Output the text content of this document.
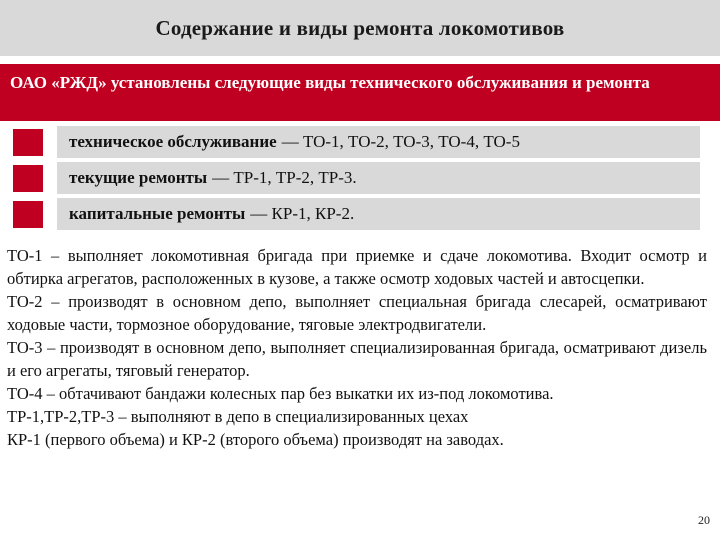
Содержание и виды ремонта локомотивов
ОАО «РЖД» установлены следующие виды технического обслуживания и ремонта
техническое обслуживание — ТО-1, ТО-2, ТО-3, ТО-4, ТО-5
текущие ремонты — ТР-1, ТР-2, ТР-3.
капитальные ремонты — КР-1, КР-2.

ТО-1 – выполняет локомотивная бригада при приемке и сдаче локомотива. Входит осмотр и обтирка агрегатов, расположенных в кузове, а также осмотр ходовых частей и автосцепки.

ТО-2 – производят в основном депо, выполняет специальная бригада слесарей, осматривают ходовые части, тормозное оборудование, тяговые электродвигатели.

ТО-3 – производят в основном депо, выполняет специализированная бригада, осматривают дизель и его агрегаты, тяговый генератор.

ТО-4 – обтачивают бандажи колесных пар без выкатки их из-под локомотива.

ТР-1,ТР-2,ТР-3 – выполняют в депо в специализированных цехах

КР-1 (первого объема) и КР-2 (второго объема) производят на заводах.

20
